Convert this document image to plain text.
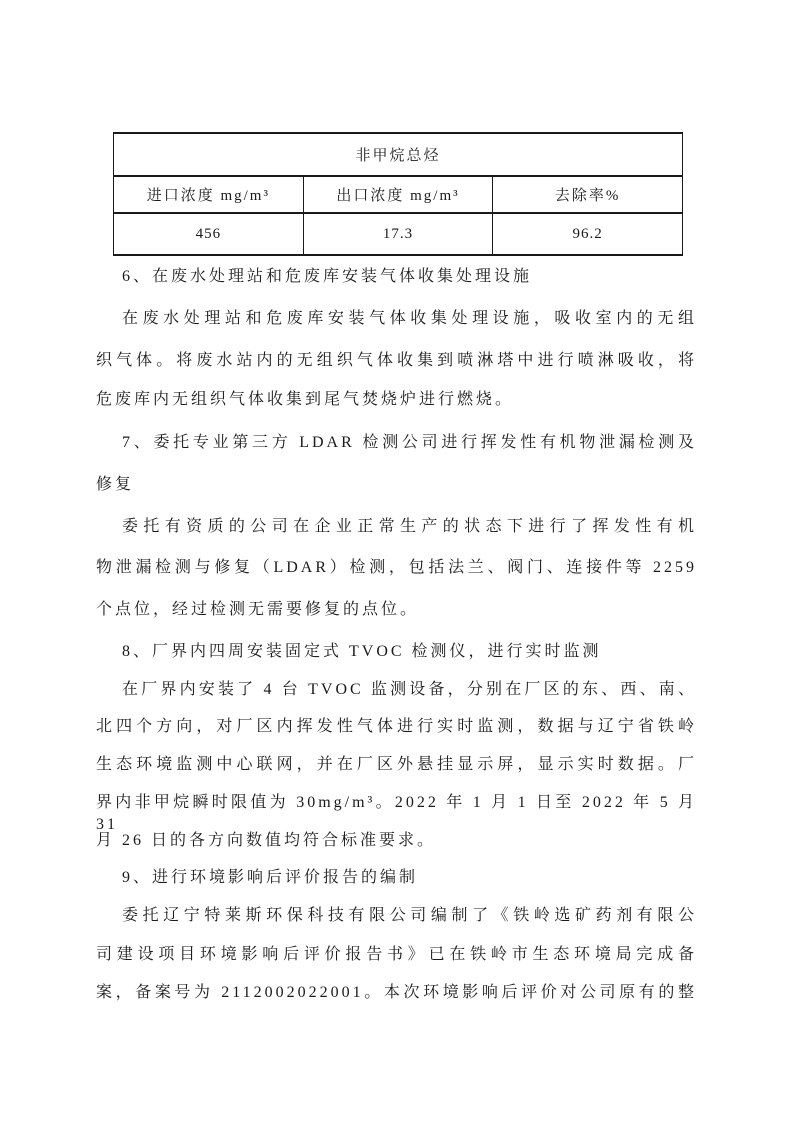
非甲烷总烃		
进口浓度 mg/m³	出口浓度 mg/m³	去除率%
456	17.3	96.2
6、在废水处理站和危废库安装气体收集处理设施
在废水处理站和危废库安装气体收集处理设施，吸收室内的无组
织气体。将废水站内的无组织气体收集到喷淋塔中进行喷淋吸收，将
危废库内无组织气体收集到尾气焚烧炉进行燃烧。
7、委托专业第三方 LDAR 检测公司进行挥发性有机物泄漏检测及
修复
委托有资质的公司在企业正常生产的状态下进行了挥发性有机
物泄漏检测与修复（LDAR）检测，包括法兰、阀门、连接件等 2259
个点位，经过检测无需要修复的点位。
8、厂界内四周安装固定式 TVOC 检测仪，进行实时监测
在厂界内安装了 4 台 TVOC 监测设备，分别在厂区的东、西、南、
北四个方向，对厂区内挥发性气体进行实时监测，数据与辽宁省铁岭
生态环境监测中心联网，并在厂区外悬挂显示屏，显示实时数据。厂
界内非甲烷瞬时限值为 30mg/m³。2022 年 1 月 1 日至 2022 年 5 月 31
月 26 日的各方向数值均符合标准要求。
9、进行环境影响后评价报告的编制
委托辽宁特莱斯环保科技有限公司编制了《铁岭选矿药剂有限公
司建设项目环境影响后评价报告书》已在铁岭市生态环境局完成备
案，备案号为 2112002022001。本次环境影响后评价对公司原有的整
